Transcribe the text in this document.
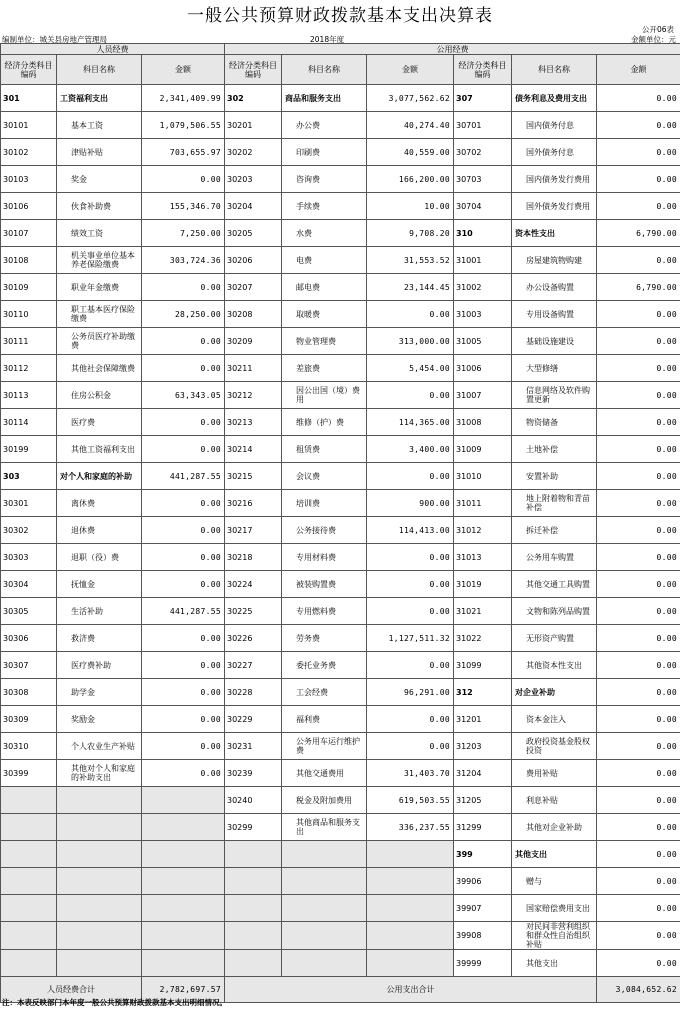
一般公共预算财政拨款基本支出决算表
公开06表
编制单位：城关县房地产管理局	2018年度	金额单位：元
人员经费			公用经费					
经济分类科目编码	科目名称	金额	经济分类科目编码	科目名称	金额	经济分类科目编码	科目名称	金额
301	工资福利支出	2,341,409.99	302	商品和服务支出	3,077,562.62	307	债务利息及费用支出	0.00
30101	基本工资	1,079,506.55	30201	办公费	40,274.40	30701	国内债务付息	0.00
30102	津贴补贴	703,655.97	30202	印刷费	40,559.00	30702	国外债务付息	0.00
30103	奖金	0.00	30203	咨询费	166,200.00	30703	国内债务发行费用	0.00
30106	伙食补助费	155,346.70	30204	手续费	10.00	30704	国外债务发行费用	0.00
30107	绩效工资	7,250.00	30205	水费	9,708.20	310	资本性支出	6,790.00
30108	机关事业单位基本养老保险缴费	303,724.36	30206	电费	31,553.52	31001	房屋建筑物购建	0.00
30109	职业年金缴费	0.00	30207	邮电费	23,144.45	31002	办公设备购置	6,790.00
30110	职工基本医疗保险缴费	28,250.00	30208	取暖费	0.00	31003	专用设备购置	0.00
30111	公务员医疗补助缴费	0.00	30209	物业管理费	313,000.00	31005	基础设施建设	0.00
30112	其他社会保障缴费	0.00	30211	差旅费	5,454.00	31006	大型修缮	0.00
30113	住房公积金	63,343.05	30212	因公出国（境）费用	0.00	31007	信息网络及软件购置更新	0.00
30114	医疗费	0.00	30213	维修（护）费	114,365.00	31008	物资储备	0.00
30199	其他工资福利支出	0.00	30214	租赁费	3,400.00	31009	土地补偿	0.00
303	对个人和家庭的补助	441,287.55	30215	会议费	0.00	31010	安置补助	0.00
30301	离休费	0.00	30216	培训费	900.00	31011	地上附着物和青苗补偿	0.00
30302	退休费	0.00	30217	公务接待费	114,413.00	31012	拆迁补偿	0.00
30303	退职（役）费	0.00	30218	专用材料费	0.00	31013	公务用车购置	0.00
30304	抚恤金	0.00	30224	被装购置费	0.00	31019	其他交通工具购置	0.00
30305	生活补助	441,287.55	30225	专用燃料费	0.00	31021	文物和陈列品购置	0.00
30306	救济费	0.00	30226	劳务费	1,127,511.32	31022	无形资产购置	0.00
30307	医疗费补助	0.00	30227	委托业务费	0.00	31099	其他资本性支出	0.00
30308	助学金	0.00	30228	工会经费	96,291.00	312	对企业补助	0.00
30309	奖励金	0.00	30229	福利费	0.00	31201	资本金注入	0.00
30310	个人农业生产补贴	0.00	30231	公务用车运行维护费	0.00	31203	政府投资基金股权投资	0.00
30399	其他对个人和家庭的补助支出	0.00	30239	其他交通费用	31,403.70	31204	费用补贴	0.00
			30240	税金及附加费用	619,503.55	31205	利息补贴	0.00
			30299	其他商品和服务支出	336,237.55	31299	其他对企业补助	0.00
						399	其他支出	0.00
						39906	赠与	0.00
						39907	国家赔偿费用支出	0.00
						39908	对民间非营利组织和群众性自治组织补贴	0.00
						39999	其他支出	0.00
人员经费合计		2,782,697.57	公用支出合计					3,084,652.62
注：本表反映部门本年度一般公共预算财政拨款基本支出明细情况。
